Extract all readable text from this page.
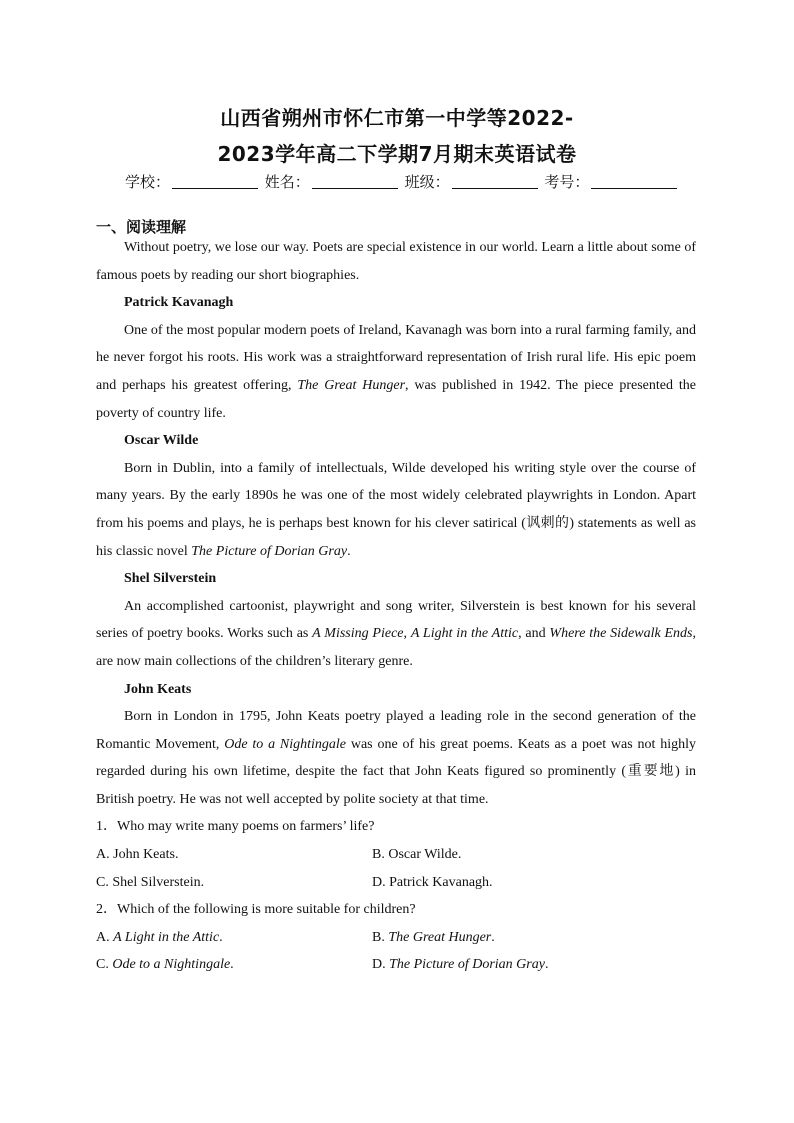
山西省朔州市怀仁市第一中学等2022-
2023学年高二下学期7月期末英语试卷
学校：	姓名：	班级：	考号：
一、阅读理解

Without poetry, we lose our way. Poets are special existence in our world. Learn a little about some of famous poets by reading our short biographies.

Patrick Kavanagh

One of the most popular modern poets of Ireland, Kavanagh was born into a rural farming family, and he never forgot his roots. His work was a straightforward representation of Irish rural life. His epic poem and perhaps his greatest offering, The Great Hunger, was published in 1942. The piece presented the poverty of country life.

Oscar Wilde

Born in Dublin, into a family of intellectuals, Wilde developed his writing style over the course of many years. By the early 1890s he was one of the most widely celebrated playwrights in London. Apart from his poems and plays, he is perhaps best known for his clever satirical (讽刺的) statements as well as his classic novel The Picture of Dorian Gray.

Shel Silverstein

An accomplished cartoonist, playwright and song writer, Silverstein is best known for his several series of poetry books. Works such as A Missing Piece, A Light in the Attic, and Where the Sidewalk Ends, are now main collections of the children’s literary genre.

John Keats

Born in London in 1795, John Keats poetry played a leading role in the second generation of the Romantic Movement, Ode to a Nightingale was one of his great poems. Keats as a poet was not highly regarded during his own lifetime, despite the fact that John Keats figured so prominently (重要地) in British poetry. He was not well accepted by polite society at that time.

1．Who may write many poems on farmers’ life?

A. John Keats.	B. Oscar Wilde.
C. Shel Silverstein.	D. Patrick Kavanagh.

2．Which of the following is more suitable for children?

A. A Light in the Attic.	B. The Great Hunger.
C. Ode to a Nightingale.	D. The Picture of Dorian Gray.
